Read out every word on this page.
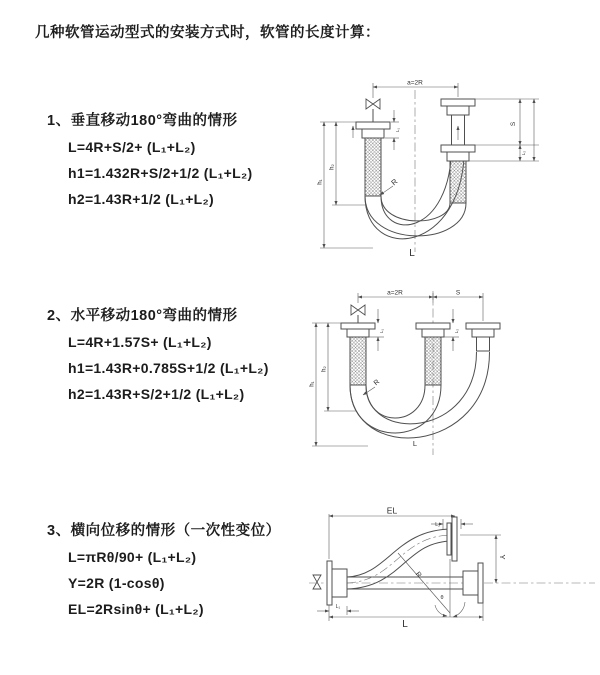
几种软管运动型式的安装方式时，软管的长度计算：

1、垂直移动180°弯曲的情形

L=4R+S/2+ (L₁+L₂)

h1=1.432R+S/2+1/2 (L₁+L₂)

h2=1.43R+1/2 (L₁+L₂)

2、水平移动180°弯曲的情形

L=4R+1.57S+ (L₁+L₂)

h1=1.43R+0.785S+1/2 (L₁+L₂)

h2=1.43R+S/2+1/2 (L₁+L₂)

3、横向位移的情形（一次性变位）

L=πRθ/90+ (L₁+L₂)

Y=2R (1-cosθ)

EL=2Rsinθ+ (L₁+L₂)

a=2R
h₁
h₂
L₁
S
L₂
R
L
a=2R	S
h₁
h₂
L₁	L₂
R
L
EL
L₂
Y
R
θ
L
L₁
